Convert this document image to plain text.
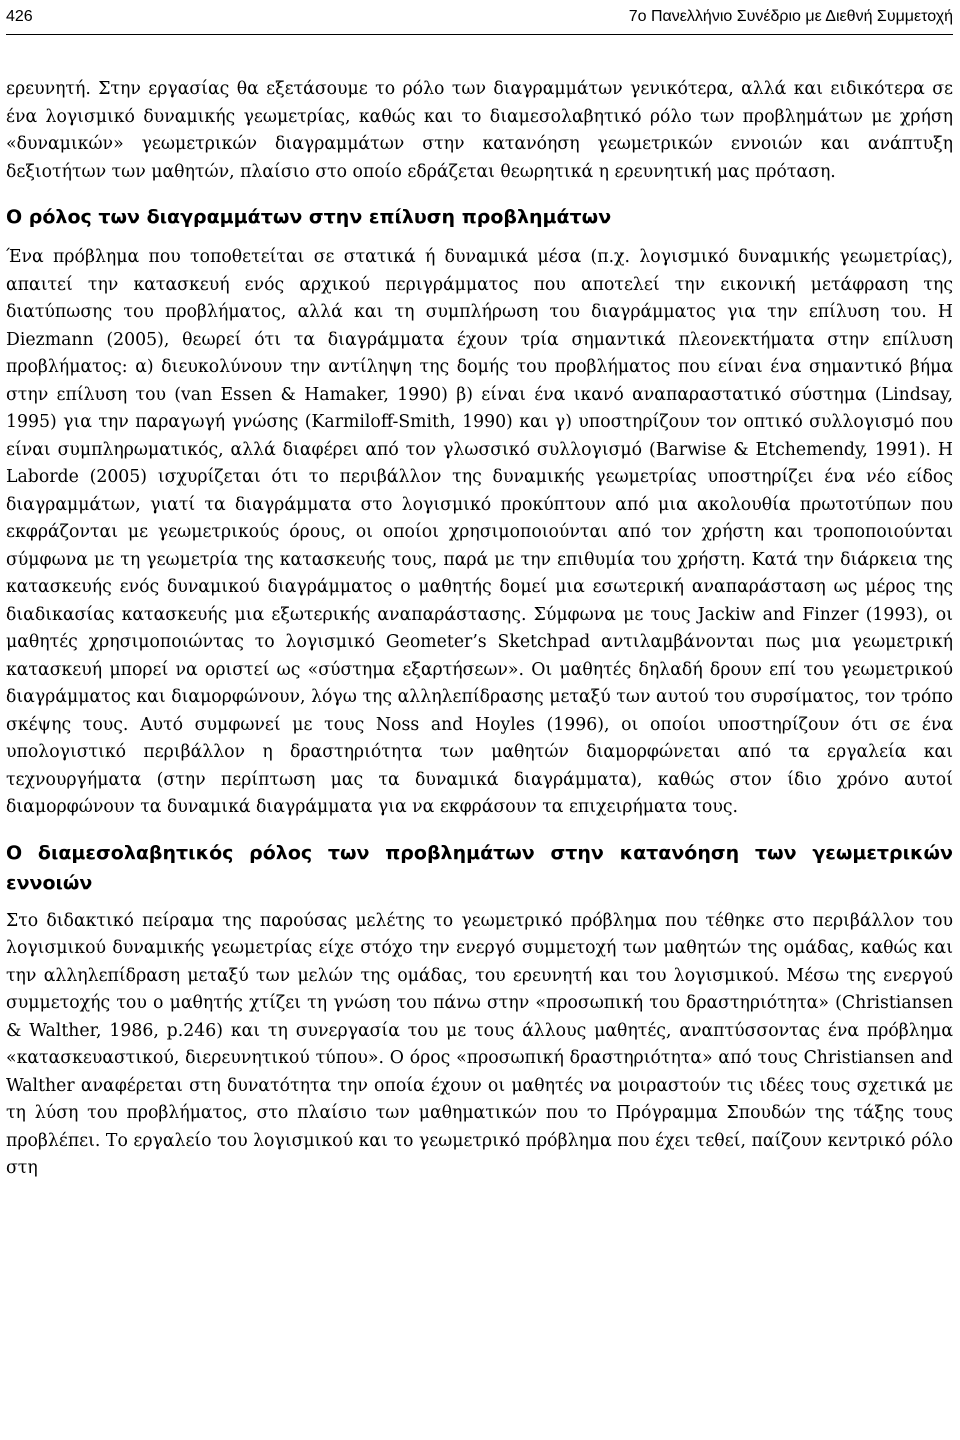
426	7ο Πανελλήνιο Συνέδριο με Διεθνή Συμμετοχή

ερευνητή. Στην εργασίας θα εξετάσουμε το ρόλο των διαγραμμάτων γενικότερα, αλλά και ειδικότερα σε ένα λογισμικό δυναμικής γεωμετρίας, καθώς και το διαμεσολαβητικό ρόλο των προβλημάτων με χρήση «δυναμικών» γεωμετρικών διαγραμμάτων στην κατανόηση γεωμετρικών εννοιών και ανάπτυξη δεξιοτήτων των μαθητών, πλαίσιο στο οποίο εδράζεται θεωρητικά η ερευνητική μας πρόταση.

Ο ρόλος των διαγραμμάτων στην επίλυση προβλημάτων

Ένα πρόβλημα που τοποθετείται σε στατικά ή δυναμικά μέσα (π.χ. λογισμικό δυναμικής γεωμετρίας), απαιτεί την κατασκευή ενός αρχικού περιγράμματος που αποτελεί την εικονική μετάφραση της διατύπωσης του προβλήματος, αλλά και τη συμπλήρωση του διαγράμματος για την επίλυση του. Η Diezmann (2005), θεωρεί ότι τα διαγράμματα έχουν τρία σημαντικά πλεονεκτήματα στην επίλυση προβλήματος: α) διευκολύνουν την αντίληψη της δομής του προβλήματος που είναι ένα σημαντικό βήμα στην επίλυση του (van Essen & Hamaker, 1990) β) είναι ένα ικανό αναπαραστατικό σύστημα (Lindsay, 1995) για την παραγωγή γνώσης (Karmiloff-Smith, 1990) και γ) υποστηρίζουν τον οπτικό συλλογισμό που είναι συμπληρωματικός, αλλά διαφέρει από τον γλωσσικό συλλογισμό (Barwise & Etchemendy, 1991). Η Laborde (2005) ισχυρίζεται ότι το περιβάλλον της δυναμικής γεωμετρίας υποστηρίζει ένα νέο είδος διαγραμμάτων, γιατί τα διαγράμματα στο λογισμικό προκύπτουν από μια ακολουθία πρωτοτύπων που εκφράζονται με γεωμετρικούς όρους, οι οποίοι χρησιμοποιούνται από τον χρήστη και τροποποιούνται σύμφωνα με τη γεωμετρία της κατασκευής τους, παρά με την επιθυμία του χρήστη. Κατά την διάρκεια της κατασκευής ενός δυναμικού διαγράμματος ο μαθητής δομεί μια εσωτερική αναπαράσταση ως μέρος της διαδικασίας κατασκευής μια εξωτερικής αναπαράστασης. Σύμφωνα με τους Jackiw and Finzer (1993), οι μαθητές χρησιμοποιώντας το λογισμικό Geometer’s Sketchpad αντιλαμβάνονται πως μια γεωμετρική κατασκευή μπορεί να οριστεί ως «σύστημα εξαρτήσεων». Οι μαθητές δηλαδή δρουν επί του γεωμετρικού διαγράμματος και διαμορφώνουν, λόγω της αλληλεπίδρασης μεταξύ των αυτού του συρσίματος, τον τρόπο σκέψης τους. Αυτό συμφωνεί με τους Noss and Hoyles (1996), οι οποίοι υποστηρίζουν ότι σε ένα υπολογιστικό περιβάλλον η δραστηριότητα των μαθητών διαμορφώνεται από τα εργαλεία και τεχνουργήματα (στην περίπτωση μας τα δυναμικά διαγράμματα), καθώς στον ίδιο χρόνο αυτοί διαμορφώνουν τα δυναμικά διαγράμματα για να εκφράσουν τα επιχειρήματα τους.

Ο διαμεσολαβητικός ρόλος των προβλημάτων στην κατανόηση των γεωμετρικών εννοιών

Στο διδακτικό πείραμα της παρούσας μελέτης το γεωμετρικό πρόβλημα που τέθηκε στο περιβάλλον του λογισμικού δυναμικής γεωμετρίας είχε στόχο την ενεργό συμμετοχή των μαθητών της ομάδας, καθώς και την αλληλεπίδραση μεταξύ των μελών της ομάδας, του ερευνητή και του λογισμικού. Μέσω της ενεργού συμμετοχής του ο μαθητής χτίζει τη γνώση του πάνω στην «προσωπική του δραστηριότητα» (Christiansen & Walther, 1986, p.246) και τη συνεργασία του με τους άλλους μαθητές, αναπτύσσοντας ένα πρόβλημα «κατασκευαστικού, διερευνητικού τύπου». Ο όρος «προσωπική δραστηριότητα» από τους Christiansen and Walther αναφέρεται στη δυνατότητα την οποία έχουν οι μαθητές να μοιραστούν τις ιδέες τους σχετικά με τη λύση του προβλήματος, στο πλαίσιο των μαθηματικών που το Πρόγραμμα Σπουδών της τάξης τους προβλέπει. Το εργαλείο του λογισμικού και το γεωμετρικό πρόβλημα που έχει τεθεί, παίζουν κεντρικό ρόλο στη
